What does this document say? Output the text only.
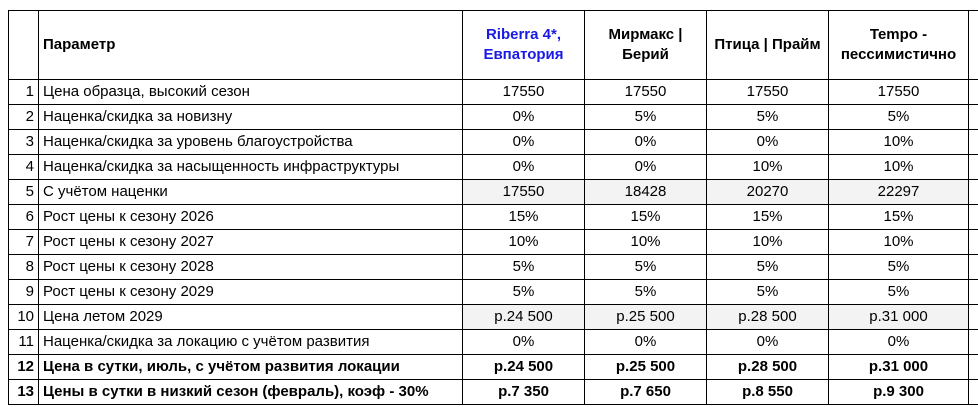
	Параметр	Riberra 4*, Евпатория	Мирмакс | Берий	Птица | Прайм	Tempo - пессимистично	
1	Цена образца, высокий сезон	17550	17550	17550	17550	
2	Наценка/скидка за новизну	0%	5%	5%	5%	
3	Наценка/скидка за уровень благоустройства	0%	0%	0%	10%	
4	Наценка/скидка за насыщенность инфраструктуры	0%	0%	10%	10%	
5	С учётом наценки	17550	18428	20270	22297	
6	Рост цены к сезону 2026	15%	15%	15%	15%	
7	Рост цены к сезону 2027	10%	10%	10%	10%	
8	Рост цены к сезону 2028	5%	5%	5%	5%	
9	Рост цены к сезону 2029	5%	5%	5%	5%	
10	Цена летом 2029	р.24 500	р.25 500	р.28 500	р.31 000	
11	Наценка/скидка за локацию с учётом развития	0%	0%	0%	0%	
12	Цена в сутки, июль, с учётом развития локации	р.24 500	р.25 500	р.28 500	р.31 000	
13	Цены в сутки в низкий сезон (февраль), коэф - 30%	р.7 350	р.7 650	р.8 550	р.9 300	
